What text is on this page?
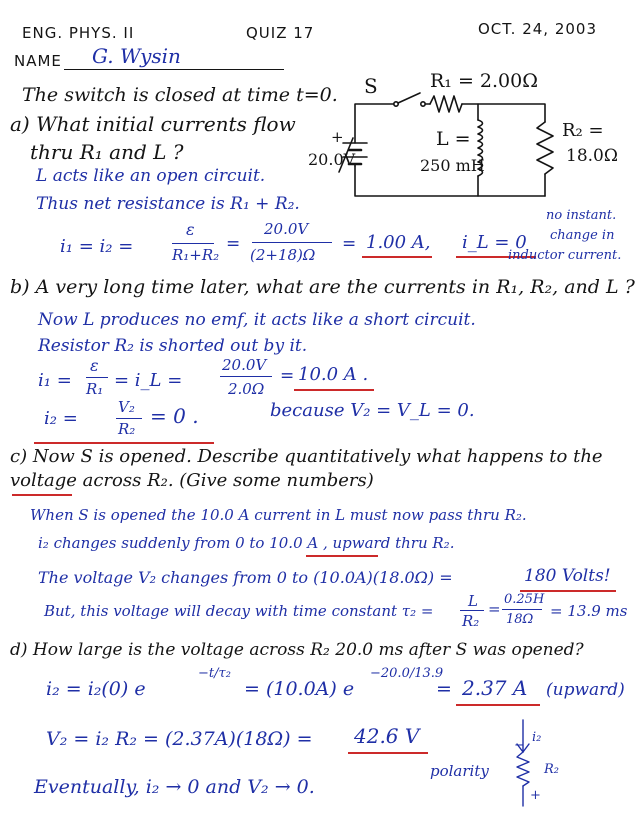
ENG. PHYS. II	QUIZ 17	OCT. 24, 2003
NAME G. Wysin
S	R₁ = 2.00Ω
+
20.0V
L =
250 mH
R₂ =
18.0Ω
The switch is closed at time t=0.
a) What initial currents flow
thru R₁ and L ?
L acts like an open circuit.
Thus net resistance is R₁ + R₂.
i₁ = i₂ =
ε
R₁+R₂
=
20.0V
(2+18)Ω
= 1.00 A, i_L = 0
no instant.
change in
inductor current.
b) A very long time later, what are the currents in R₁, R₂, and L ?
Now L produces no emf, it acts like a short circuit.
Resistor R₂ is shorted out by it.
i₁ =
ε
R₁ = i_L =
20.0V
2.0Ω
= 10.0 A .
i₂ =
V₂
R₂
= 0 .	because V₂ = V_L = 0.
c) Now S is opened. Describe quantitatively what happens to the
voltage across R₂. (Give some numbers)
When S is opened the 10.0 A current in L must now pass thru R₂.
i₂ changes suddenly from 0 to 10.0 A , upward thru R₂.
The voltage V₂ changes from 0 to (10.0A)(18.0Ω) =	180 Volts!
But, this voltage will decay with time constant τ₂ =
L
R₂
=
0.25H
18Ω = 13.9 ms
d) How large is the voltage across R₂ 20.0 ms after S was opened?
i₂ = i₂(0) e
−t/τ₂
= (10.0A) e
−20.0/13.9
= 2.37 A (upward)
V₂ = i₂ R₂ = (2.37A)(18Ω) = 42.6 V
Eventually, i₂ → 0 and V₂ → 0.
polarity
i₂
R₂
−
+
